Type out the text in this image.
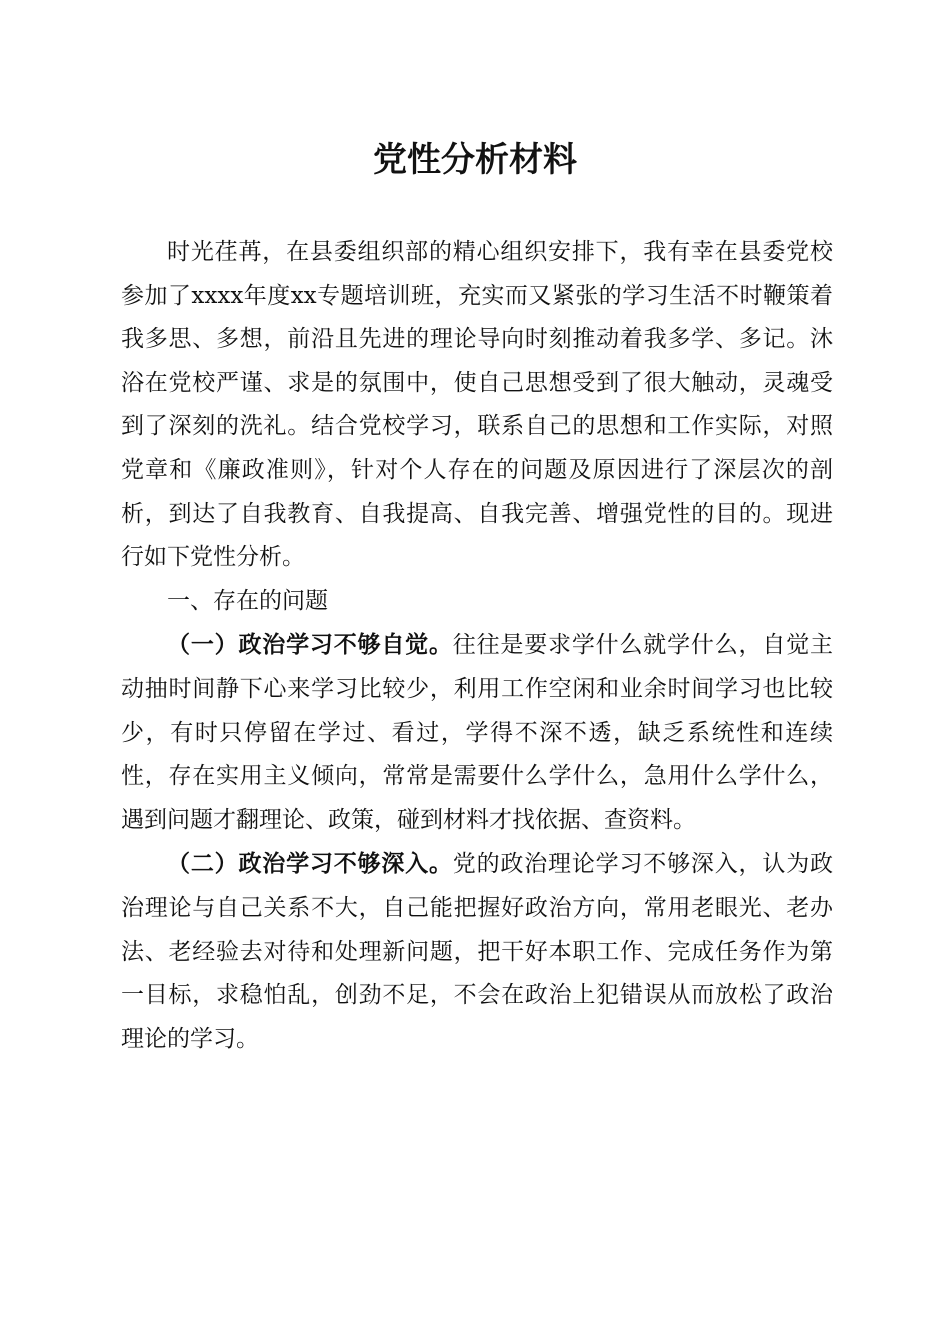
党性分析材料

时光荏苒，在县委组织部的精心组织安排下，我有幸在县委党校参加了xxxx年度xx专题培训班，充实而又紧张的学习生活不时鞭策着我多思、多想，前沿且先进的理论导向时刻推动着我多学、多记。沐浴在党校严谨、求是的氛围中，使自己思想受到了很大触动，灵魂受到了深刻的洗礼。结合党校学习，联系自己的思想和工作实际，对照党章和《廉政准则》，针对个人存在的问题及原因进行了深层次的剖析，到达了自我教育、自我提高、自我完善、增强党性的目的。现进行如下党性分析。

一、存在的问题

（一）政治学习不够自觉。往往是要求学什么就学什么，自觉主动抽时间静下心来学习比较少，利用工作空闲和业余时间学习也比较少，有时只停留在学过、看过，学得不深不透，缺乏系统性和连续性，存在实用主义倾向，常常是需要什么学什么，急用什么学什么，遇到问题才翻理论、政策，碰到材料才找依据、查资料。

（二）政治学习不够深入。党的政治理论学习不够深入，认为政治理论与自己关系不大，自己能把握好政治方向，常用老眼光、老办法、老经验去对待和处理新问题，把干好本职工作、完成任务作为第一目标，求稳怕乱，创劲不足，不会在政治上犯错误从而放松了政治理论的学习。
